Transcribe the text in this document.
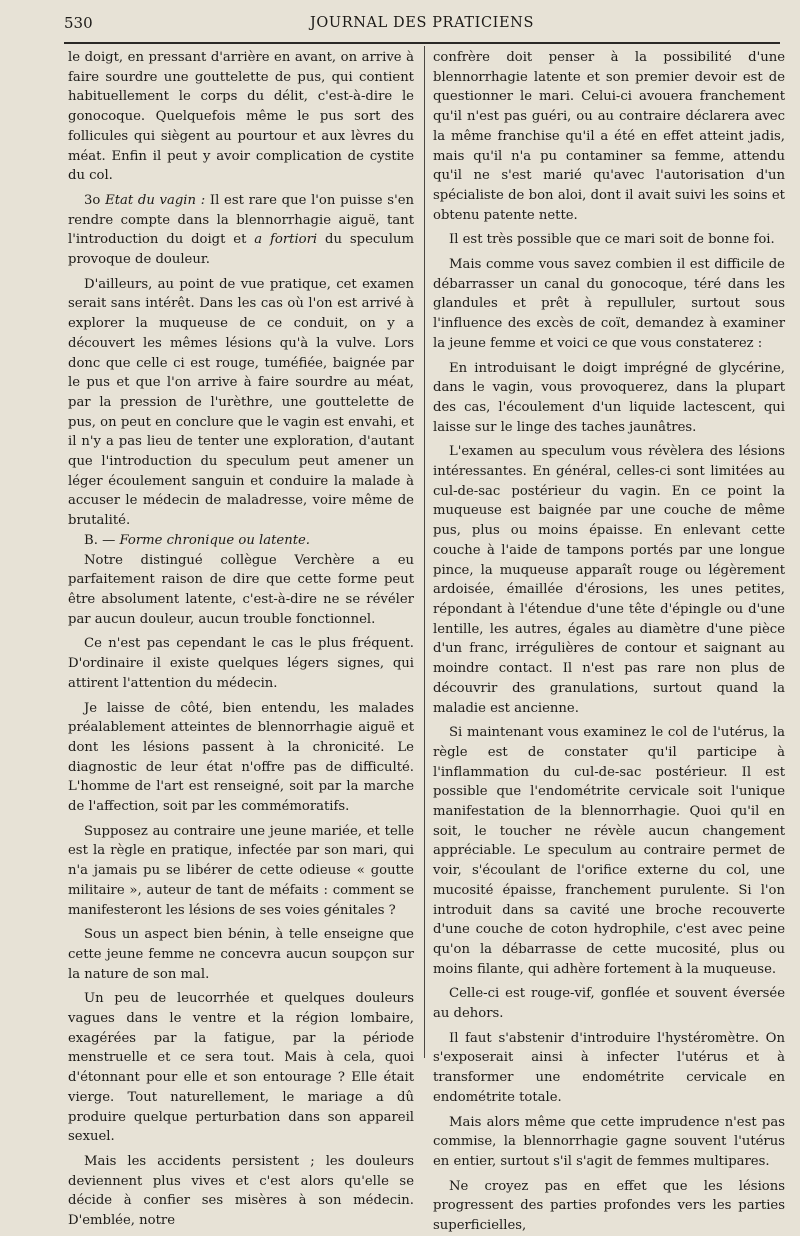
530	JOURNAL DES PRATICIENS

le doigt, en pressant d'arrière en avant, on arrive à faire sourdre une gouttelette de pus, qui contient habituellement le corps du délit, c'est-à-dire le gonocoque. Quelquefois même le pus sort des follicules qui siègent au pourtour et aux lèvres du méat. Enfin il peut y avoir complication de cystite du col.

3o Etat du vagin : Il est rare que l'on puisse s'en rendre compte dans la blennorrhagie aiguë, tant l'introduction du doigt et a fortiori du speculum provoque de douleur.

D'ailleurs, au point de vue pratique, cet examen serait sans intérêt. Dans les cas où l'on est arrivé à explorer la muqueuse de ce conduit, on y a découvert les mêmes lésions qu'à la vulve. Lors donc que celle ci est rouge, tuméfiée, baignée par le pus et que l'on arrive à faire sourdre au méat, par la pression de l'urèthre, une gouttelette de pus, on peut en conclure que le vagin est envahi, et il n'y a pas lieu de tenter une exploration, d'autant que l'introduction du speculum peut amener un léger écoulement sanguin et conduire la malade à accuser le médecin de maladresse, voire même de brutalité.

B. — Forme chronique ou latente.

Notre distingué collègue Verchère a eu parfaitement raison de dire que cette forme peut être absolument latente, c'est-à-dire ne se révéler par aucun douleur, aucun trouble fonctionnel.

Ce n'est pas cependant le cas le plus fréquent. D'ordinaire il existe quelques légers signes, qui attirent l'attention du médecin.

Je laisse de côté, bien entendu, les malades préalablement atteintes de blennorrhagie aiguë et dont les lésions passent à la chronicité. Le diagnostic de leur état n'offre pas de difficulté. L'homme de l'art est renseigné, soit par la marche de l'affection, soit par les commémoratifs.

Supposez au contraire une jeune mariée, et telle est la règle en pratique, infectée par son mari, qui n'a jamais pu se libérer de cette odieuse « goutte militaire », auteur de tant de méfaits : comment se manifesteront les lésions de ses voies génitales ?

Sous un aspect bien bénin, à telle enseigne que cette jeune femme ne concevra aucun soupçon sur la nature de son mal.

Un peu de leucorrhée et quelques douleurs vagues dans le ventre et la région lombaire, exagérées par la fatigue, par la période menstruelle et ce sera tout. Mais à cela, quoi d'étonnant pour elle et son entourage ? Elle était vierge. Tout naturellement, le mariage a dû produire quelque perturbation dans son appareil sexuel.

Mais les accidents persistent ; les douleurs deviennent plus vives et c'est alors qu'elle se décide à confier ses misères à son médecin. D'emblée, notre

confrère doit penser à la possibilité d'une blennorrhagie latente et son premier devoir est de questionner le mari. Celui-ci avouera franchement qu'il n'est pas guéri, ou au contraire déclarera avec la même franchise qu'il a été en effet atteint jadis, mais qu'il n'a pu contaminer sa femme, attendu qu'il ne s'est marié qu'avec l'autorisation d'un spécialiste de bon aloi, dont il avait suivi les soins et obtenu patente nette.

Il est très possible que ce mari soit de bonne foi.

Mais comme vous savez combien il est difficile de débarrasser un canal du gonocoque, téré dans les glandules et prêt à repulluler, surtout sous l'influence des excès de coït, demandez à examiner la jeune femme et voici ce que vous constaterez :

En introduisant le doigt imprégné de glycérine, dans le vagin, vous provoquerez, dans la plupart des cas, l'écoulement d'un liquide lactescent, qui laisse sur le linge des taches jaunâtres.

L'examen au speculum vous révèlera des lésions intéressantes. En général, celles-ci sont limitées au cul-de-sac postérieur du vagin. En ce point la muqueuse est baignée par une couche de même pus, plus ou moins épaisse. En enlevant cette couche à l'aide de tampons portés par une longue pince, la muqueuse apparaît rouge ou légèrement ardoisée, émaillée d'érosions, les unes petites, répondant à l'étendue d'une tête d'épingle ou d'une lentille, les autres, égales au diamètre d'une pièce d'un franc, irrégulières de contour et saignant au moindre contact. Il n'est pas rare non plus de découvrir des granulations, surtout quand la maladie est ancienne.

Si maintenant vous examinez le col de l'utérus, la règle est de constater qu'il participe à l'inflammation du cul-de-sac postérieur. Il est possible que l'endométrite cervicale soit l'unique manifestation de la blennorrhagie. Quoi qu'il en soit, le toucher ne révèle aucun changement appréciable. Le speculum au contraire permet de voir, s'écoulant de l'orifice externe du col, une mucosité épaisse, franchement purulente. Si l'on introduit dans sa cavité une broche recouverte d'une couche de coton hydrophile, c'est avec peine qu'on la débarrasse de cette mucosité, plus ou moins filante, qui adhère fortement à la muqueuse.

Celle-ci est rouge-vif, gonflée et souvent éversée au dehors.

Il faut s'abstenir d'introduire l'hystéromètre. On s'exposerait ainsi à infecter l'utérus et à transformer une endométrite cervicale en endométrite totale.

Mais alors même que cette imprudence n'est pas commise, la blennorrhagie gagne souvent l'utérus en entier, surtout s'il s'agit de femmes multipares.

Ne croyez pas en effet que les lésions progressent des parties profondes vers les parties superficielles,
